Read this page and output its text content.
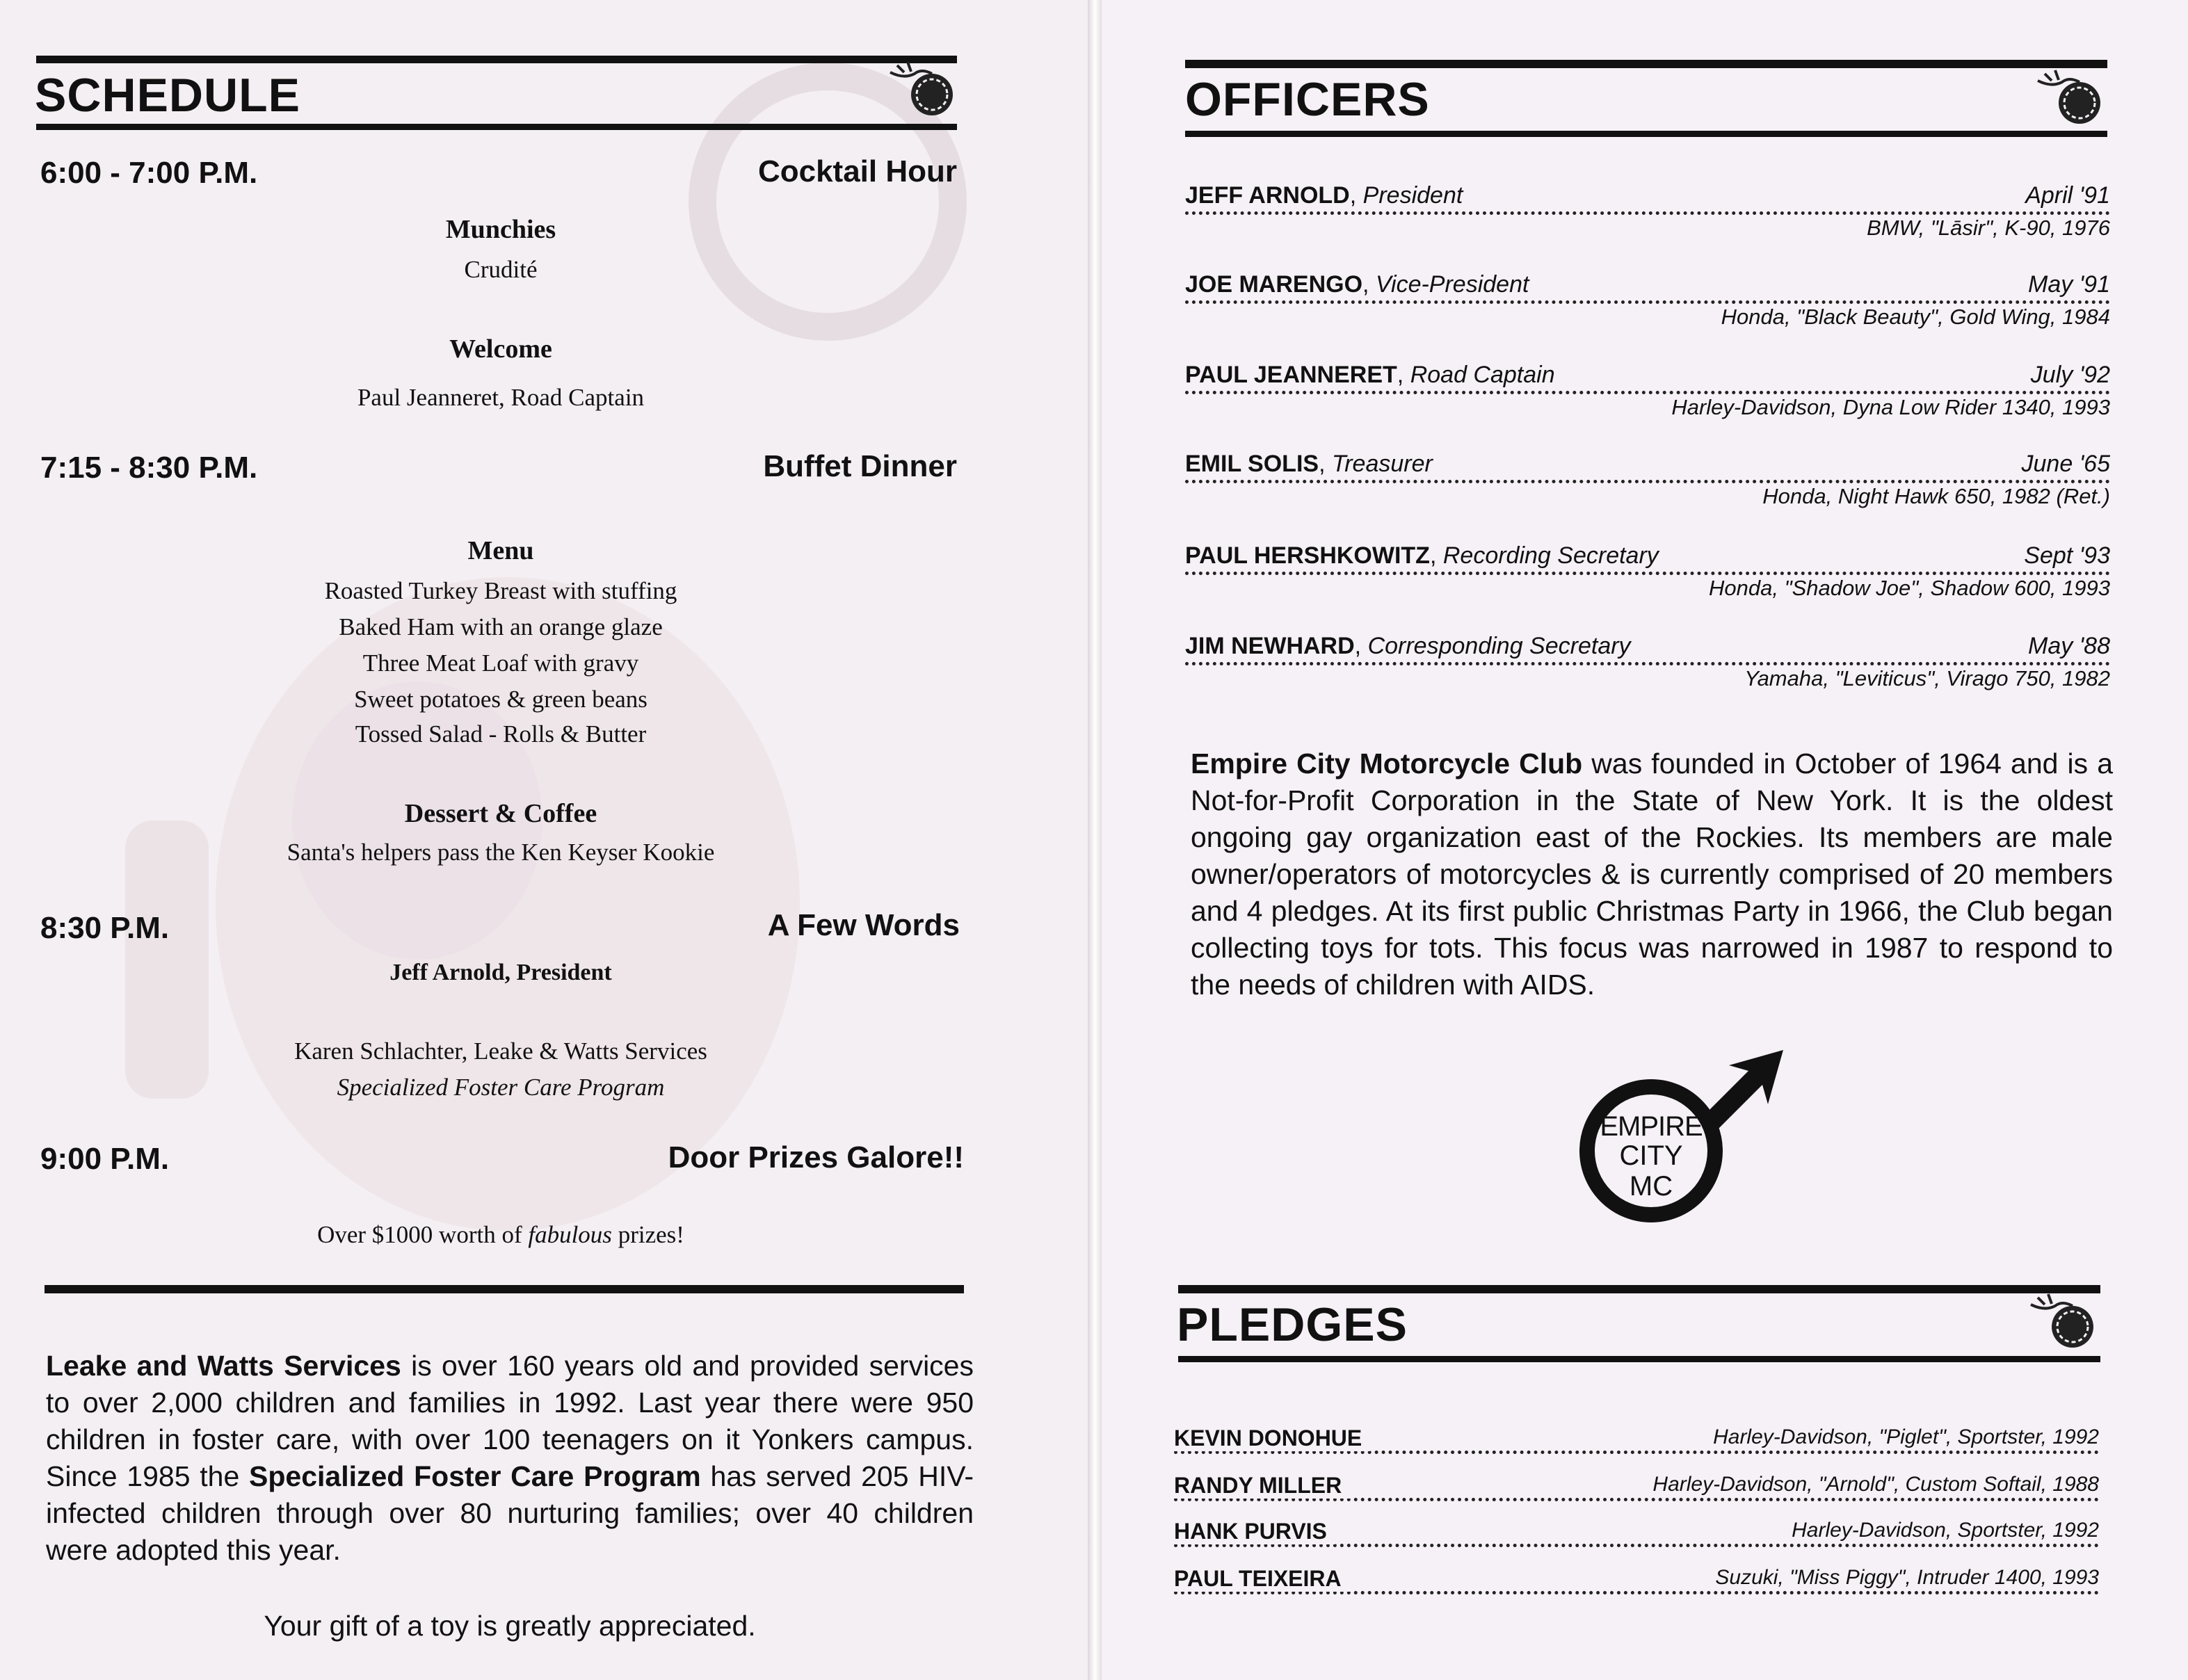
SCHEDULE
6:00 - 7:00 P.M.	Cocktail Hour
Munchies
Crudité
Welcome
Paul Jeanneret, Road Captain
7:15 - 8:30 P.M.	Buffet Dinner
Menu
Roasted Turkey Breast with stuffing
Baked Ham with an orange glaze
Three Meat Loaf with gravy
Sweet potatoes & green beans
Tossed Salad - Rolls & Butter
Dessert & Coffee
Santa's helpers pass the Ken Keyser Kookie
8:30 P.M.	A Few Words
Jeff Arnold, President
Karen Schlachter, Leake & Watts Services
Specialized Foster Care Program
9:00 P.M.	Door Prizes Galore!!
Over $1000 worth of fabulous prizes!
Leake and Watts Services is over 160 years old and provided services to over 2,000 children and families in 1992. Last year there were 950 children in foster care, with over 100 teenagers on it Yonkers campus. Since 1985 the Specialized Foster Care Program has served 205 HIV-infected children through over 80 nurturing families; over 40 children were adopted this year.
Your gift of a toy is greatly appreciated.
OFFICERS
JEFF ARNOLD, President	April '91
BMW, "Lāsir", K-90, 1976
JOE MARENGO, Vice-President	May '91
Honda, "Black Beauty", Gold Wing, 1984
PAUL JEANNERET, Road Captain	July '92
Harley-Davidson, Dyna Low Rider 1340, 1993
EMIL SOLIS, Treasurer	June '65
Honda, Night Hawk 650, 1982 (Ret.)
PAUL HERSHKOWITZ, Recording Secretary	Sept '93
Honda, "Shadow Joe", Shadow 600, 1993
JIM NEWHARD, Corresponding Secretary	May '88
Yamaha, "Leviticus", Virago 750, 1982
Empire City Motorcycle Club was founded in October of 1964 and is a Not-for-Profit Corporation in the State of New York. It is the oldest ongoing gay organization east of the Rockies. Its members are male owner/operators of motorcycles & is currently comprised of 20 members and 4 pledges. At its first public Christmas Party in 1966, the Club began collecting toys for tots. This focus was narrowed in 1987 to respond to the needs of children with AIDS.
EMPIRE
CITY
MC
PLEDGES
KEVIN DONOHUE	Harley-Davidson, "Piglet", Sportster, 1992
RANDY MILLER	Harley-Davidson, "Arnold", Custom Softail, 1988
HANK PURVIS	Harley-Davidson, Sportster, 1992
PAUL TEIXEIRA	Suzuki, "Miss Piggy", Intruder 1400, 1993
